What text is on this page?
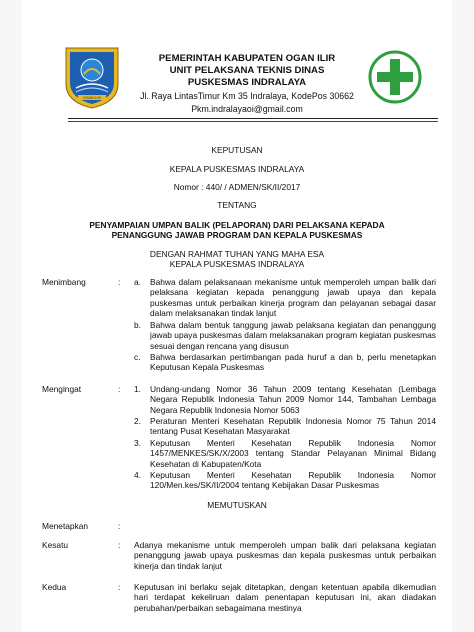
OGAN ILIR
PEMERINTAH KABUPATEN OGAN ILIR
UNIT PELAKSANA TEKNIS DINAS
PUSKESMAS INDRALAYA
Jl. Raya LintasTimur Km 35 Indralaya, KodePos 30662
Pkm.indralayaoi@gmail.com
KEPUTUSAN
KEPALA PUSKESMAS INDRALAYA
Nomor : 440/ / ADMEN/SK/II/2017
TENTANG
PENYAMPAIAN UMPAN BALIK (PELAPORAN) DARI PELAKSANA KEPADA
PENANGGUNG JAWAB PROGRAM DAN KEPALA PUSKESMAS
DENGAN RAHMAT TUHAN YANG MAHA ESA
KEPALA PUSKESMAS INDRALAYA
Menimbang	: a. Bahwa dalam pelaksanaan mekanisme untuk memperoleh umpan balik dari pelaksana kegiatan kepada penanggung jawab upaya dan kepala puskesmas untuk perbaikan kinerja program dan pelayanan sebagai dasar dalam melaksanakan tindak lanjut
b. Bahwa dalam bentuk tanggung jawab pelaksana kegiatan dan penanggung jawab upaya puskesmas dalam melaksanakan program kegiatan puskesmas sesuai dengan rencana yang disusun
c. Bahwa berdasarkan pertimbangan pada huruf a dan b, perlu menetapkan Keputusan Kepala Puskesmas
Mengingat	: 1. Undang-undang Nomor 36 Tahun 2009 tentang Kesehatan (Lembaga Negara Republik Indonesia Tahun 2009 Nomor 144, Tambahan Lembaga Negara Republik Indonesia Nomor 5063
2. Peraturan Menteri Kesehatan Republik Indonesia Nomor 75 Tahun 2014 tentang Pusat Kesehatan Masyarakat
3. Keputusan Menteri Kesehatan Republik Indonesia Nomor 1457/MENKES/SK/X/2003 tentang Standar Pelayanan Minimal Bidang Kesehatan di Kabupaten/Kota
4. Keputusan Menteri Kesehatan Republik Indonesia Nomor 120/Men.kes/SK/II/2004 tentang Kebijakan Dasar Puskesmas
MEMUTUSKAN
Menetapkan	:
Kesatu	: Adanya mekanisme untuk memperoleh umpan balik dari pelaksana kegiatan penanggung jawab upaya puskesmas dan kepala puskesmas untuk perbaikan kinerja dan tindak lanjut
Kedua	: Keputusan ini berlaku sejak ditetapkan, dengan ketentuan apabila dikemudian hari terdapat kekeliruan dalam penentapan keputusan ini, akan diadakan perubahan/perbaikan sebagaimana mestinya
